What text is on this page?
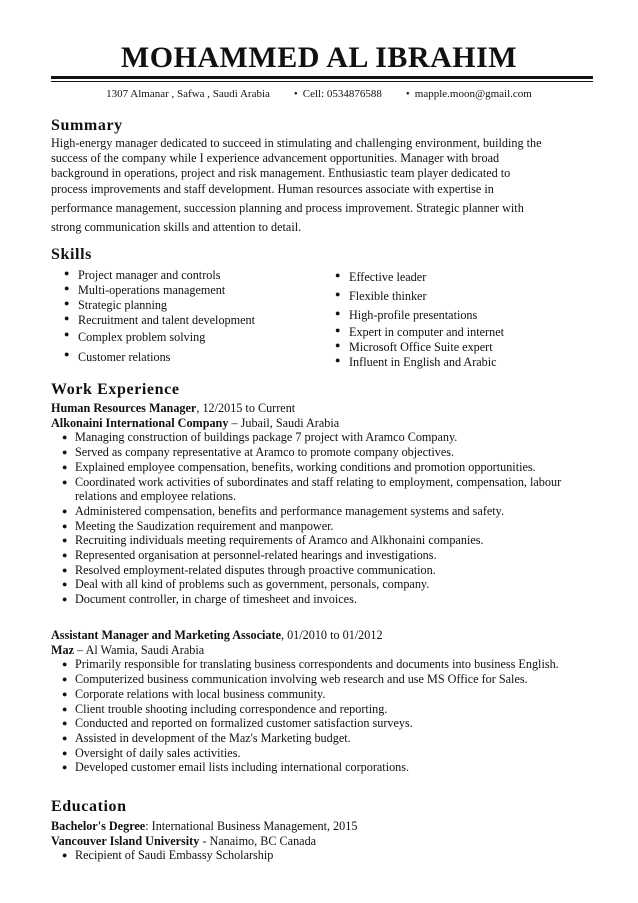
MOHAMMED AL IBRAHIM
1307 Almanar , Safwa , Saudi Arabia • Cell: 0534876588 • mapple.moon@gmail.com
Summary
High-energy manager dedicated to succeed in stimulating and challenging environment, building the
success of the company while I experience advancement opportunities. Manager with broad
background in operations, project and risk management. Enthusiastic team player dedicated to
process improvements and staff development. Human resources associate with expertise in
performance management, succession planning and process improvement. Strategic planner with
strong communication skills and attention to detail.
Skills
● Project manager and controls
● Multi-operations management
● Strategic planning
● Recruitment and talent development
● Complex problem solving
● Customer relations
● Effective leader
● Flexible thinker
● High-profile presentations
● Expert in computer and internet
● Microsoft Office Suite expert
● Influent in English and Arabic
Work Experience
Human Resources Manager, 12/2015 to Current
Alkonaini International Company – Jubail, Saudi Arabia
● Managing construction of buildings package 7 project with Aramco Company.
● Served as company representative at Aramco to promote company objectives.
● Explained employee compensation, benefits, working conditions and promotion opportunities.
● Coordinated work activities of subordinates and staff relating to employment, compensation, labour relations and employee relations.
● Administered compensation, benefits and performance management systems and safety.
● Meeting the Saudization requirement and manpower.
● Recruiting individuals meeting requirements of Aramco and Alkhonaini companies.
● Represented organisation at personnel-related hearings and investigations.
● Resolved employment-related disputes through proactive communication.
● Deal with all kind of problems such as government, personals, company.
● Document controller, in charge of timesheet and invoices.
Assistant Manager and Marketing Associate, 01/2010 to 01/2012
Maz – Al Wamia, Saudi Arabia
● Primarily responsible for translating business correspondents and documents into business English.
● Computerized business communication involving web research and use MS Office for Sales.
● Corporate relations with local business community.
● Client trouble shooting including correspondence and reporting.
● Conducted and reported on formalized customer satisfaction surveys.
● Assisted in development of the Maz's Marketing budget.
● Oversight of daily sales activities.
● Developed customer email lists including international corporations.
Education
Bachelor's Degree: International Business Management, 2015
Vancouver Island University - Nanaimo, BC Canada
● Recipient of Saudi Embassy Scholarship
